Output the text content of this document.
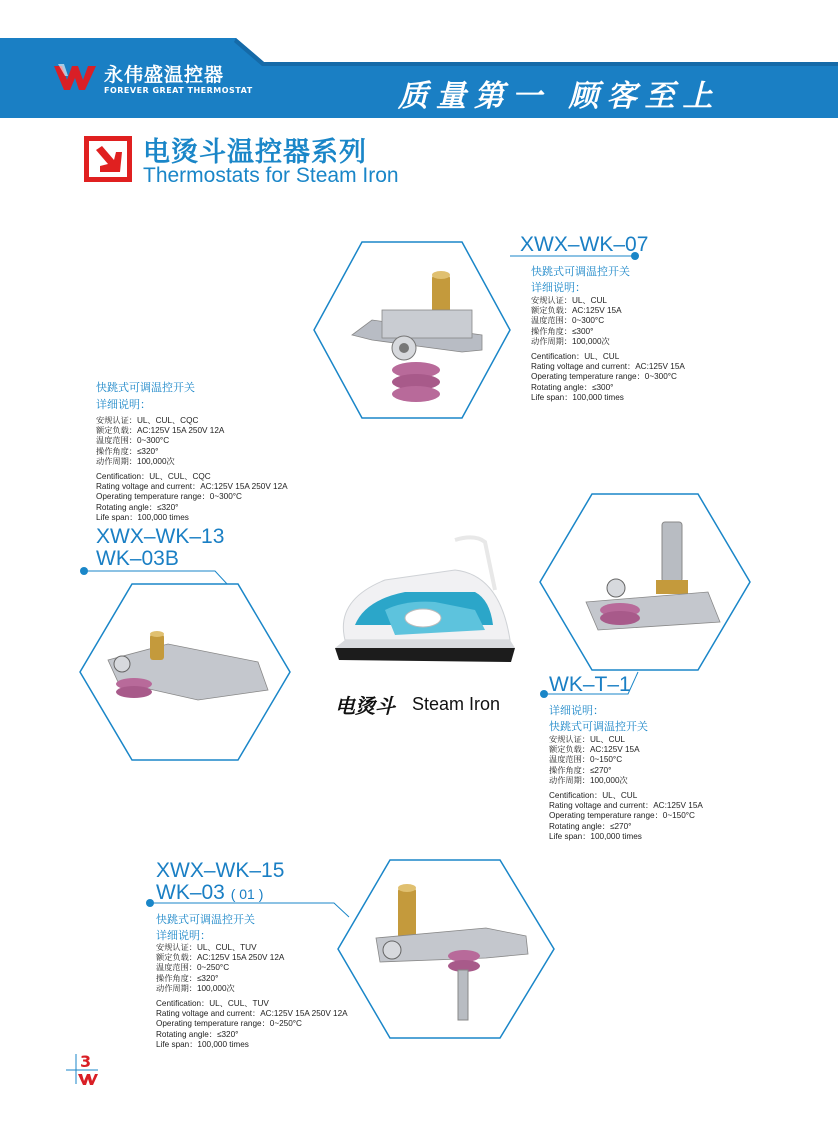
永伟盛温控器
FOREVER GREAT THERMOSTAT	质量第一 顾客至上
电烫斗温控器系列
Thermostats for Steam Iron
XWX–WK–07
快跳式可调温控开关
详细说明：
安规认证：UL、CUL
额定负载：AC:125V 15A
温度范围：0~300°C
操作角度：≤300°
动作周期：100,000次
Centification：UL、CUL
Rating voltage and current：AC:125V 15A
Operating temperature range：0~300°C
Rotating angle：≤300°
Life span：100,000 times
快跳式可调温控开关
详细说明：
安规认证：UL、CUL、CQC
额定负载：AC:125V 15A 250V 12A
温度范围：0~300°C
操作角度：≤320°
动作周期：100,000次
Centification：UL、CUL、CQC
Rating voltage and current：AC:125V 15A 250V 12A
Operating temperature range：0~300°C
Rotating angle：≤320°
Life span：100,000 times
XWX–WK–13
WK–03B
电烫斗 Steam Iron
WK–T–1
详细说明：
快跳式可调温控开关
安规认证：UL、CUL
额定负载：AC:125V 15A
温度范围：0~150°C
操作角度：≤270°
动作周期：100,000次
Centification：UL、CUL
Rating voltage and current：AC:125V 15A
Operating temperature range：0~150°C
Rotating angle：≤270°
Life span：100,000 times
XWX–WK–15
WK–03 ( 01 )
快跳式可调温控开关
详细说明：
安规认证：UL、CUL、TUV
额定负载：AC:125V 15A 250V 12A
温度范围：0~250°C
操作角度：≤320°
动作周期：100,000次
Centification：UL、CUL、TUV
Rating voltage and current：AC:125V 15A 250V 12A
Operating temperature range：0~250°C
Rotating angle：≤320°
Life span：100,000 times
3
